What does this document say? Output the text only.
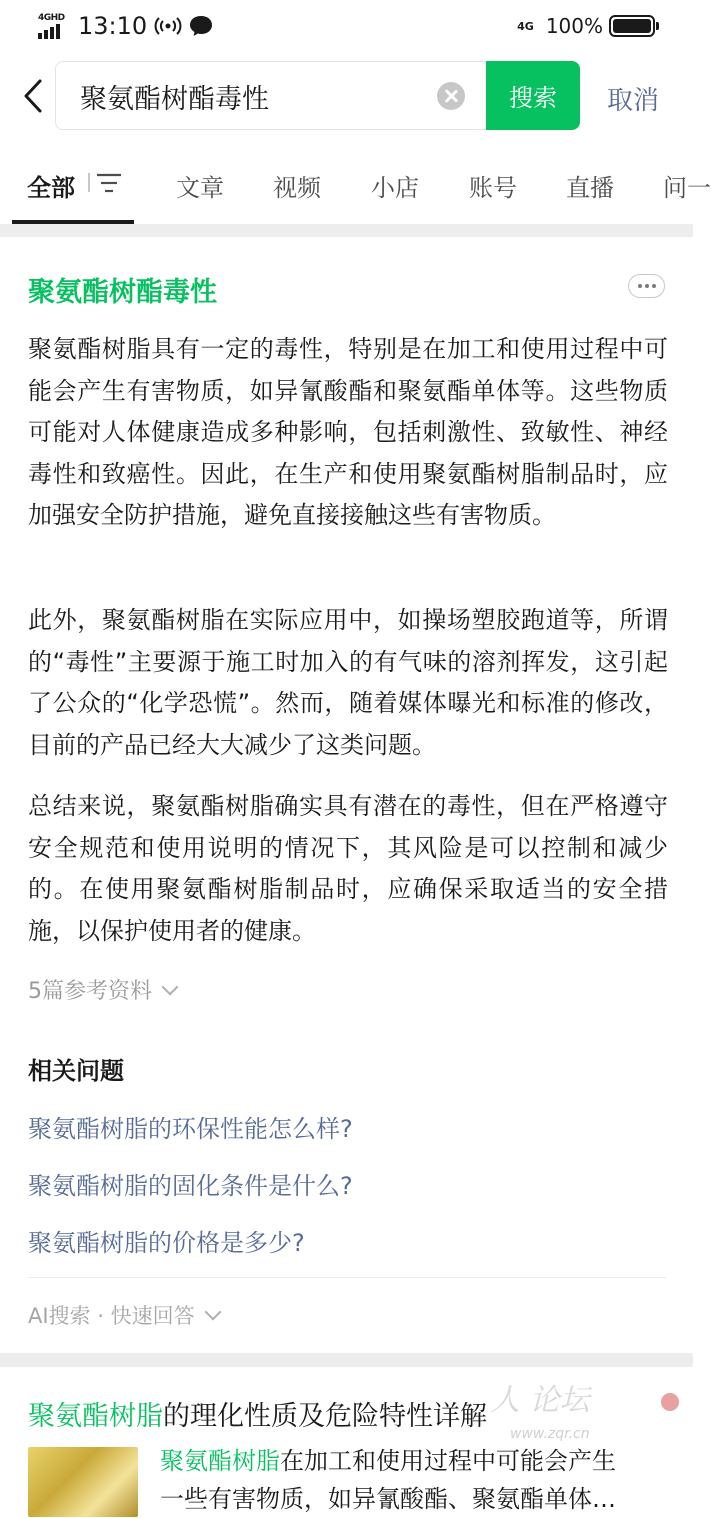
4GHD 13:10	4G 100%
聚氨酯树酯毒性
搜索	取消
全部	文章 视频 小店 账号 直播 问一
聚氨酯树酯毒性

聚氨酯树脂具有一定的毒性，特别是在加工和使用过程中可能会产生有害物质，如异氰酸酯和聚氨酯单体等。这些物质可能对人体健康造成多种影响，包括刺激性、致敏性、神经毒性和致癌性。因此，在生产和使用聚氨酯树脂制品时，应加强安全防护措施，避免直接接触这些有害物质。

此外，聚氨酯树脂在实际应用中，如操场塑胶跑道等，所谓的“毒性”主要源于施工时加入的有气味的溶剂挥发，这引起了公众的“化学恐慌”。然而，随着媒体曝光和标准的修改，目前的产品已经大大减少了这类问题。

总结来说，聚氨酯树脂确实具有潜在的毒性，但在严格遵守安全规范和使用说明的情况下，其风险是可以控制和减少的。在使用聚氨酯树脂制品时，应确保采取适当的安全措施，以保护使用者的健康。

5篇参考资料
相关问题
聚氨酯树脂的环保性能怎么样?
聚氨酯树脂的固化条件是什么?
聚氨酯树脂的价格是多少?
AI搜索 · 快速回答
聚氨酯树脂的理化性质及危险特性详解
聚氨酯树脂在加工和使用过程中可能会产生
一些有害物质，如异氰酸酯、聚氨酯单体…
人 论坛
www.zqr.cn
